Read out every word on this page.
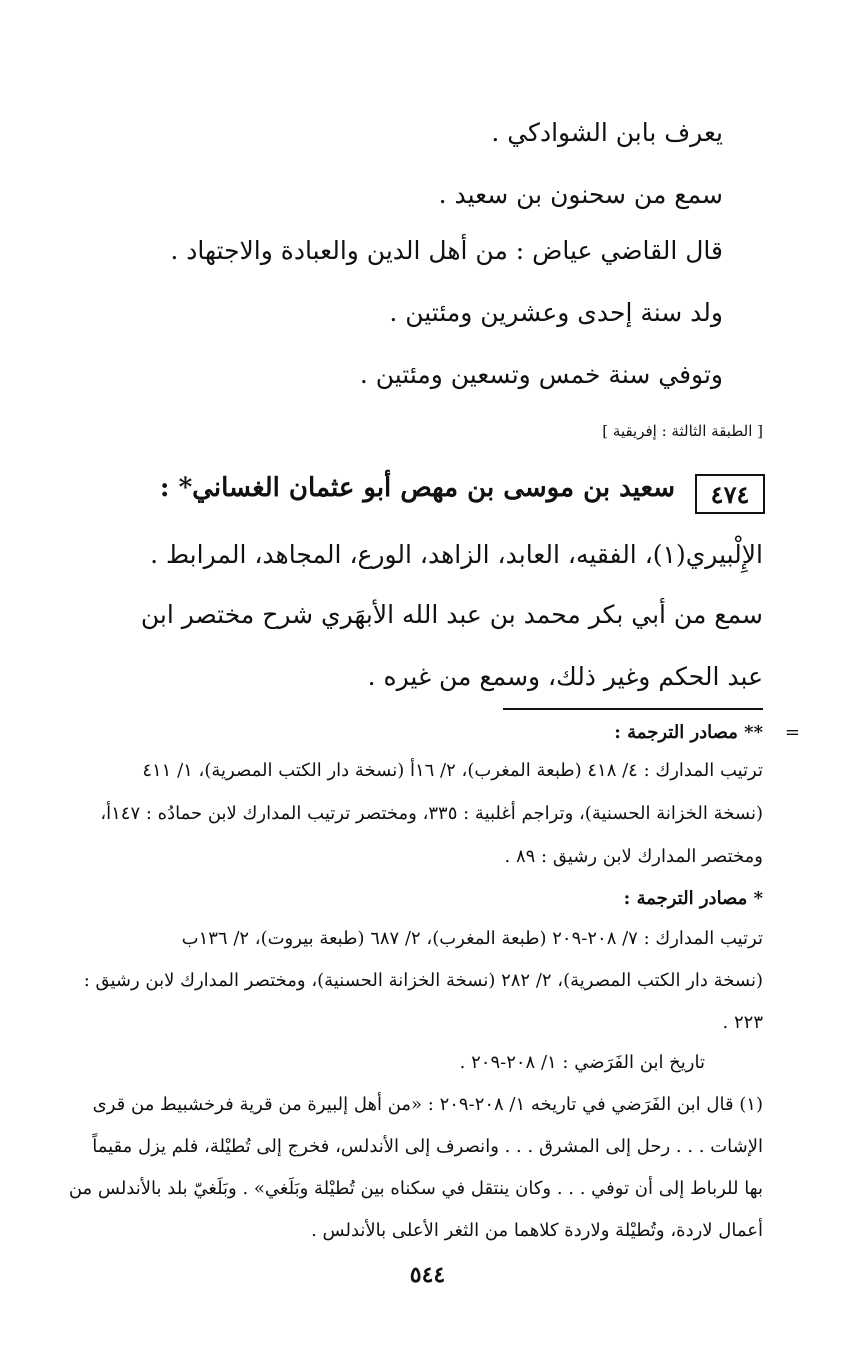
يعرف بابن الشوادكي .
سمع من سحنون بن سعيد .
قال القاضي عياض : من أهل الدين والعبادة والاجتهاد .
ولد سنة إحدى وعشرين ومئتين .
وتوفي سنة خمس وتسعين ومئتين .
[ الطبقة الثالثة : إفريقية ]
٤٧٤
سعيد بن موسى بن مهص أبو عثمان الغساني* :
الإِلْبيري(١)، الفقيه، العابد، الزاهد، الورع، المجاهد، المرابط .
سمع من أبي بكر محمد بن عبد الله الأبهَري شرح مختصر ابن
عبد الحكم وغير ذلك، وسمع من غيره .
=
** مصادر الترجمة :
ترتيب المدارك : ٤/ ٤١٨ (طبعة المغرب)، ٢/ ١٦أ (نسخة دار الكتب المصرية)، ١/ ٤١١
(نسخة الخزانة الحسنية)، وتراجم أغلبية : ٣٣٥، ومختصر ترتيب المدارك لابن حمادُه : ١٤٧أ،
ومختصر المدارك لابن رشيق : ٨٩ .
* مصادر الترجمة :
ترتيب المدارك : ٧/ ٢٠٨-٢٠٩ (طبعة المغرب)، ٢/ ٦٨٧ (طبعة بيروت)، ٢/ ١٣٦ب
(نسخة دار الكتب المصرية)، ٢/ ٢٨٢ (نسخة الخزانة الحسنية)، ومختصر المدارك لابن رشيق :
٢٢٣ .
تاريخ ابن الفَرَضي : ١/ ٢٠٨-٢٠٩ .
(١) قال ابن الفَرَضي في تاريخه ١/ ٢٠٨-٢٠٩ : «من أهل إلبيرة من قرية فرخشبيط من قرى
الإشات . . . رحل إلى المشرق . . . وانصرف إلى الأندلس، فخرج إلى تُطيْلة، فلم يزل مقيماً
بها للرباط إلى أن توفي . . . وكان ينتقل في سكناه بين تُطيْلة وبَلَغي» . وبَلَغيّ بلد بالأندلس من
أعمال لاردة، وتُطيْلة ولاردة كلاهما من الثغر الأعلى بالأندلس .
٥٤٤
